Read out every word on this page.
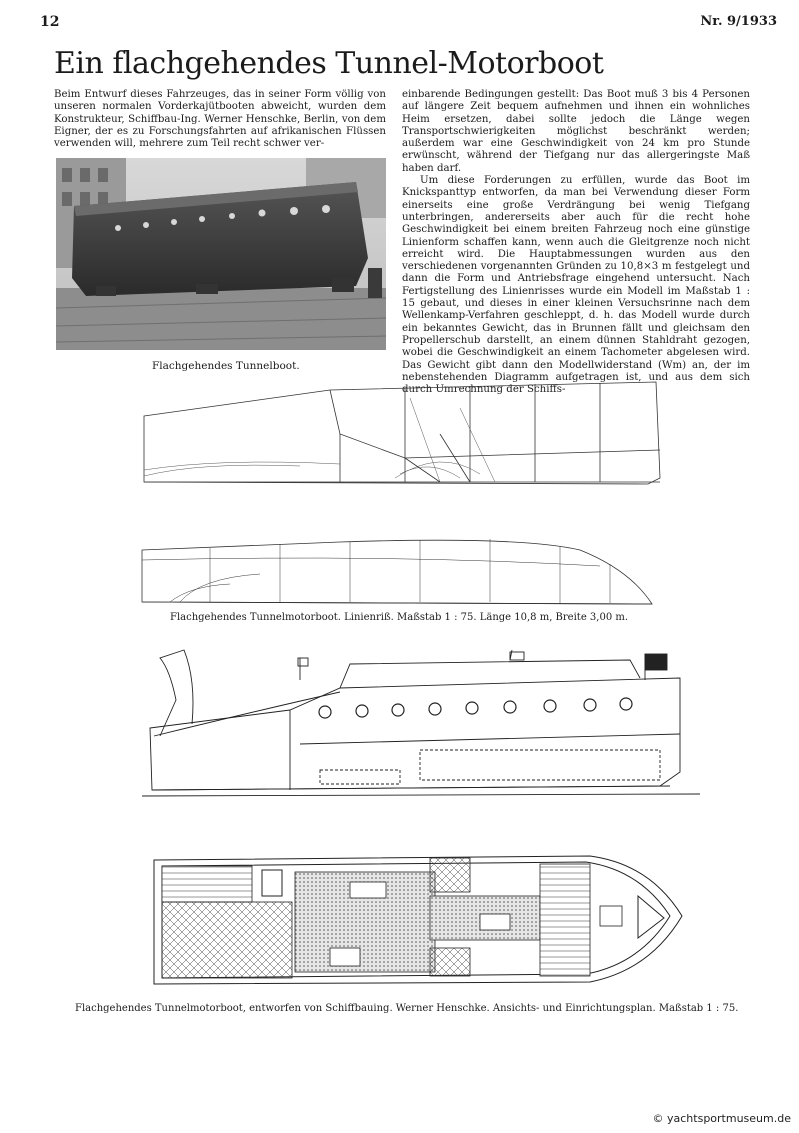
12	Nr. 9/1933
Ein flachgehendes Tunnel-Motorboot
Beim Entwurf dieses Fahrzeuges, das in seiner Form völlig von unseren normalen Vorderkajütbooten abweicht, wurden dem Konstrukteur, Schiffbau-Ing. Werner Henschke, Berlin, von dem Eigner, der es zu Forschungsfahrten auf afrikanischen Flüssen verwenden will, mehrere zum Teil recht schwer ver-

einbarende Bedingungen gestellt: Das Boot muß 3 bis 4 Personen auf längere Zeit bequem aufnehmen und ihnen ein wohnliches Heim ersetzen, dabei sollte jedoch die Länge wegen Transportschwierigkeiten möglichst beschränkt werden; außerdem war eine Geschwindigkeit von 24 km pro Stunde erwünscht, während der Tiefgang nur das allergeringste Maß haben darf.

Um diese Forderungen zu erfüllen, wurde das Boot im Knickspanttyp entworfen, da man bei Verwendung dieser Form einerseits eine große Verdrängung bei wenig Tiefgang unterbringen, andererseits aber auch für die recht hohe Geschwindigkeit bei einem breiten Fahrzeug noch eine günstige Linienform schaffen kann, wenn auch die Gleitgrenze noch nicht erreicht wird. Die Hauptabmessungen wurden aus den verschiedenen vorgenannten Gründen zu 10,8×3 m festgelegt und dann die Form und Antriebsfrage eingehend untersucht. Nach Fertigstellung des Linienrisses wurde ein Modell im Maßstab 1 : 15 gebaut, und dieses in einer kleinen Versuchsrinne nach dem Wellenkamp-Verfahren geschleppt, d. h. das Modell wurde durch ein bekanntes Gewicht, das in Brunnen fällt und gleichsam den Propellerschub darstellt, an einem dünnen Stahldraht gezogen, wobei die Geschwindigkeit an einem Tachometer abgelesen wird. Das Gewicht gibt dann den Modellwiderstand (Wm) an, der im nebenstehenden Diagramm aufgetragen ist, und aus dem sich durch Umrechnung der Schiffs-

Flachgehendes Tunnelboot.
Flachgehendes Tunnelmotorboot. Linienriß. Maßstab 1 : 75. Länge 10,8 m, Breite 3,00 m.
Flachgehendes Tunnelmotorboot, entworfen von Schiffbauing. Werner Henschke. Ansichts- und Einrichtungsplan. Maßstab 1 : 75.
© yachtsportmuseum.de
